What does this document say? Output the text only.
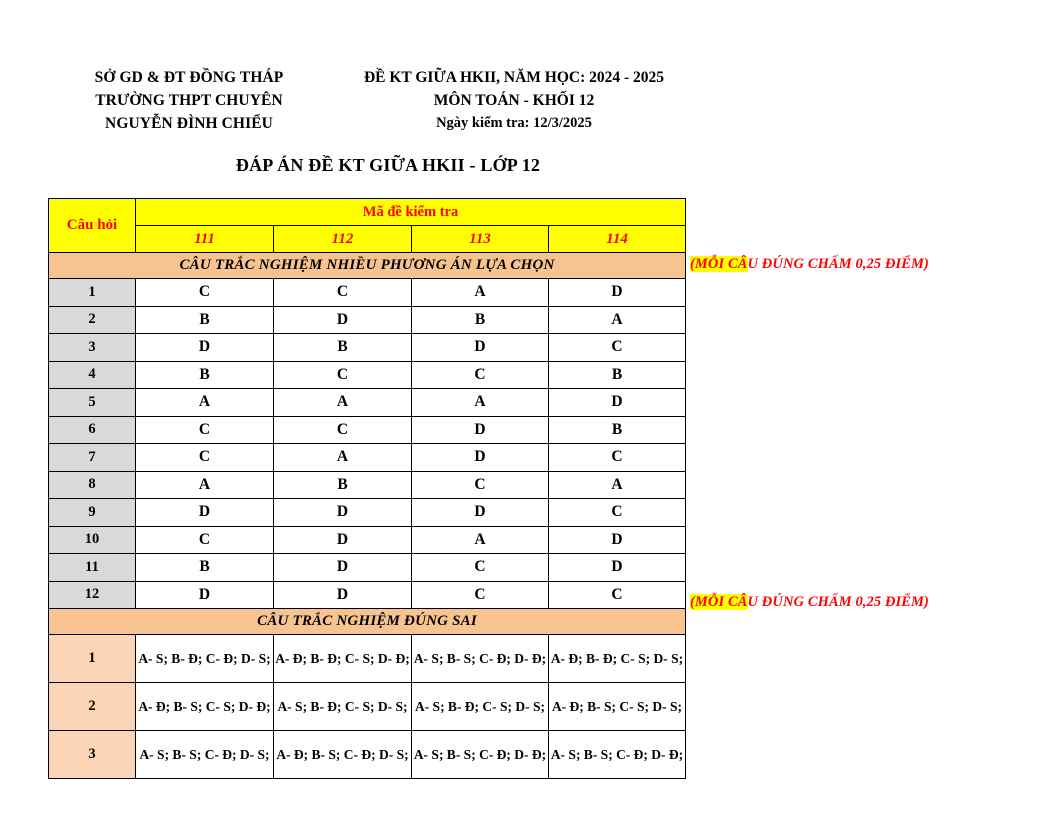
SỞ GD & ĐT ĐỒNG THÁP
TRƯỜNG THPT CHUYÊN
NGUYỄN ĐÌNH CHIỂU
ĐỀ KT GIỮA HKII, NĂM HỌC: 2024 - 2025
MÔN TOÁN - KHỐI 12
Ngày kiểm tra: 12/3/2025
ĐÁP ÁN ĐỀ KT GIỮA HKII - LỚP 12
Câu hỏi	Mã đề kiểm tra			
	111	112	113	114
CÂU TRẮC NGHIỆM NHIỀU PHƯƠNG ÁN LỰA CHỌN				
1	C	C	A	D
2	B	D	B	A
3	D	B	D	C
4	B	C	C	B
5	A	A	A	D
6	C	C	D	B
7	C	A	D	C
8	A	B	C	A
9	D	D	D	C
10	C	D	A	D
11	B	D	C	D
12	D	D	C	C
CÂU TRẮC NGHIỆM ĐÚNG SAI				
1	A- S; B- Đ; C- Đ; D- S;	A- Đ; B- Đ; C- S; D- Đ;	A- S; B- S; C- Đ; D- Đ;	A- Đ; B- Đ; C- S; D- S;
2	A- Đ; B- S; C- S; D- Đ;	A- S; B- Đ; C- S; D- S;	A- S; B- Đ; C- S; D- S;	A- Đ; B- S; C- S; D- S;
3	A- S; B- S; C- Đ; D- S;	A- Đ; B- S; C- Đ; D- S;	A- S; B- S; C- Đ; D- Đ;	A- S; B- S; C- Đ; D- Đ;
(MỖI CÂU ĐÚNG CHẤM 0,25 ĐIỂM)
(MỖI CÂU ĐÚNG CHẤM 0,25 ĐIỂM)
